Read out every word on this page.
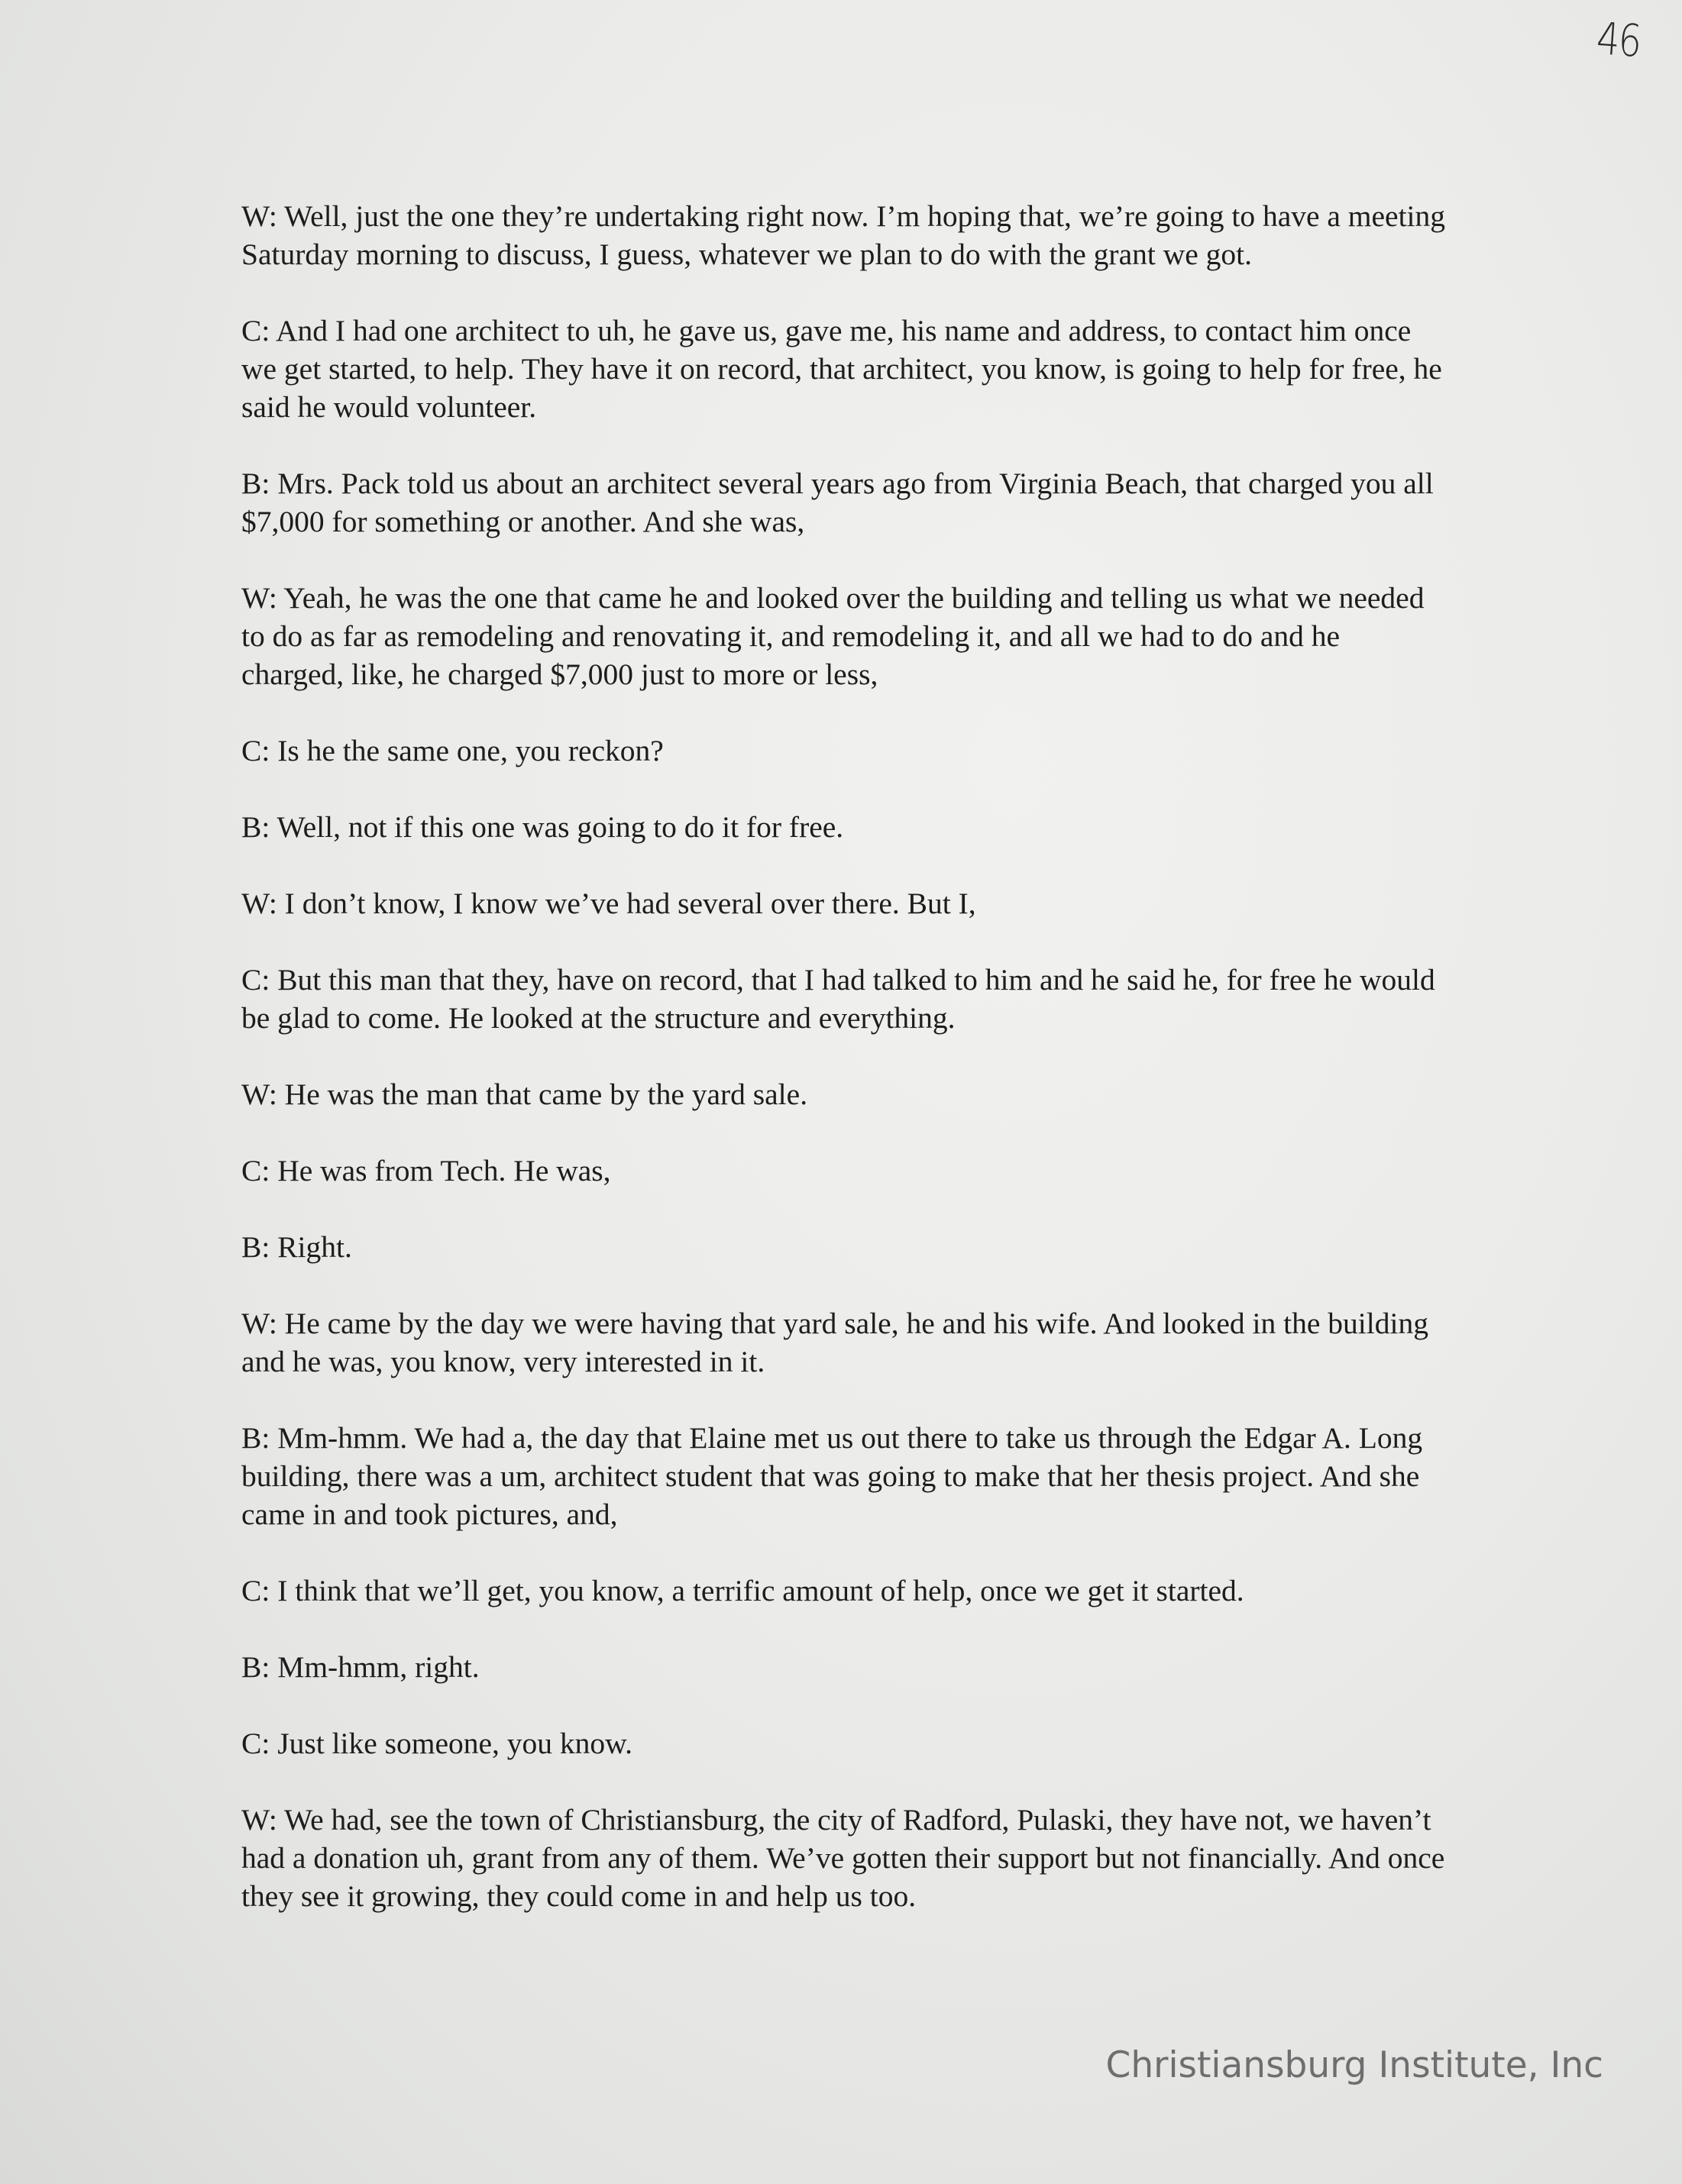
46

W: Well, just the one they’re undertaking right now. I’m hoping that, we’re going to have a meeting Saturday morning to discuss, I guess, whatever we plan to do with the grant we got.

C: And I had one architect to uh, he gave us, gave me, his name and address, to contact him once we get started, to help. They have it on record, that architect, you know, is going to help for free, he said he would volunteer.

B: Mrs. Pack told us about an architect several years ago from Virginia Beach, that charged you all $7,000 for something or another. And she was,

W: Yeah, he was the one that came he and looked over the building and telling us what we needed to do as far as remodeling and renovating it, and remodeling it, and all we had to do and he charged, like, he charged $7,000 just to more or less,

C: Is he the same one, you reckon?

B: Well, not if this one was going to do it for free.

W: I don’t know, I know we’ve had several over there. But I,

C: But this man that they, have on record, that I had talked to him and he said he, for free he would be glad to come. He looked at the structure and everything.

W: He was the man that came by the yard sale.

C: He was from Tech. He was,

B: Right.

W: He came by the day we were having that yard sale, he and his wife. And looked in the building and he was, you know, very interested in it.

B: Mm-hmm. We had a, the day that Elaine met us out there to take us through the Edgar A. Long building, there was a um, architect student that was going to make that her thesis project. And she came in and took pictures, and,

C: I think that we’ll get, you know, a terrific amount of help, once we get it started.

B: Mm-hmm, right.

C: Just like someone, you know.

W: We had, see the town of Christiansburg, the city of Radford, Pulaski, they have not, we haven’t had a donation uh, grant from any of them. We’ve gotten their support but not financially. And once they see it growing, they could come in and help us too.

Christiansburg Institute, Inc
